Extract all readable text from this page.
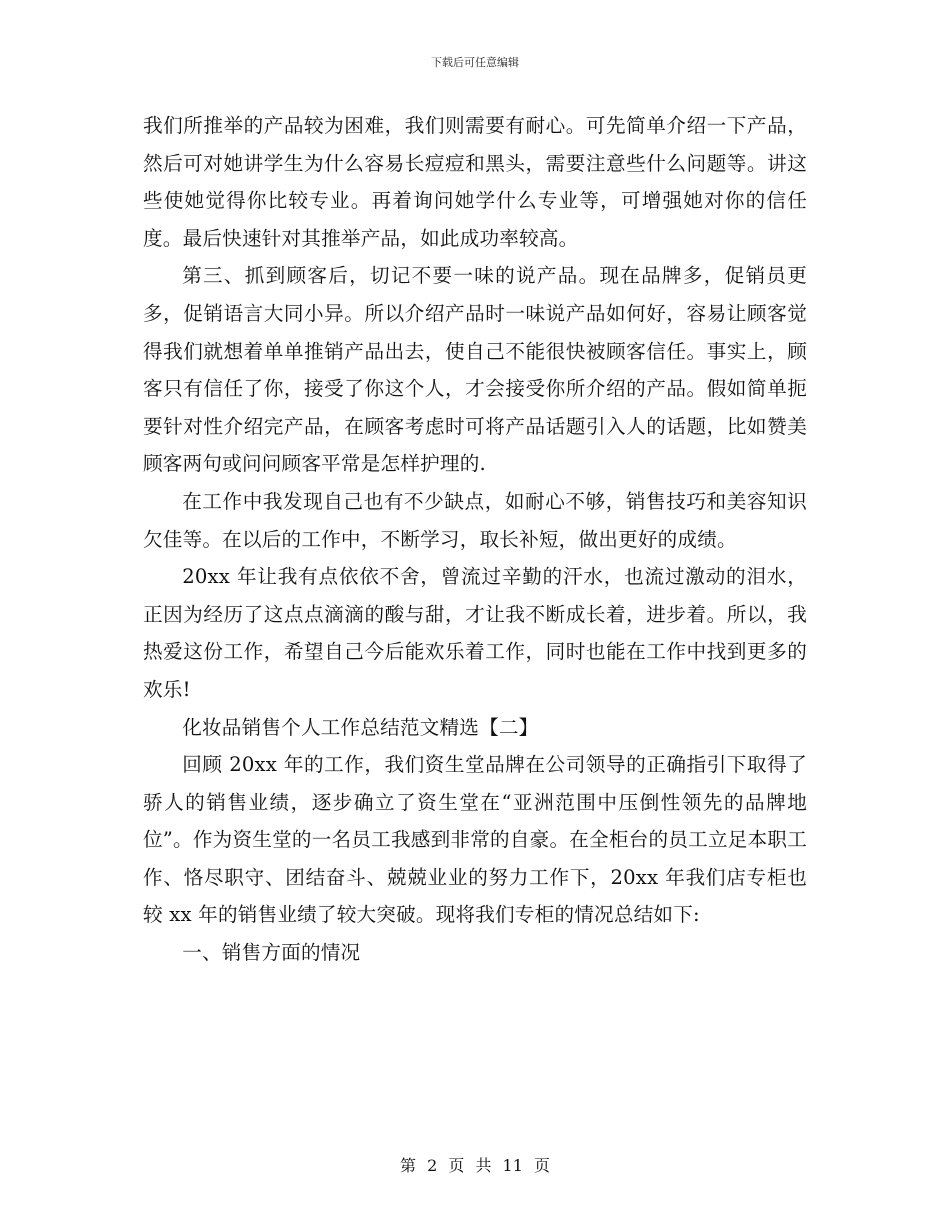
下载后可任意编辑

我们所推举的产品较为困难，我们则需要有耐心。可先简单介绍一下产品，然后可对她讲学生为什么容易长痘痘和黑头，需要注意些什么问题等。讲这些使她觉得你比较专业。再着询问她学什么专业等，可增强她对你的信任度。最后快速针对其推举产品，如此成功率较高。

第三、抓到顾客后，切记不要一味的说产品。现在品牌多，促销员更多，促销语言大同小异。所以介绍产品时一味说产品如何好，容易让顾客觉得我们就想着单单推销产品出去，使自己不能很快被顾客信任。事实上，顾客只有信任了你，接受了你这个人，才会接受你所介绍的产品。假如简单扼要针对性介绍完产品，在顾客考虑时可将产品话题引入人的话题，比如赞美顾客两句或问问顾客平常是怎样护理的.

在工作中我发现自己也有不少缺点，如耐心不够，销售技巧和美容知识欠佳等。在以后的工作中，不断学习，取长补短，做出更好的成绩。

20xx 年让我有点依依不舍，曾流过辛勤的汗水，也流过激动的泪水，正因为经历了这点点滴滴的酸与甜，才让我不断成长着，进步着。所以，我热爱这份工作，希望自己今后能欢乐着工作，同时也能在工作中找到更多的欢乐!

化妆品销售个人工作总结范文精选【二】

回顾 20xx 年的工作，我们资生堂品牌在公司领导的正确指引下取得了骄人的销售业绩，逐步确立了资生堂在“亚洲范围中压倒性领先的品牌地位”。作为资生堂的一名员工我感到非常的自豪。在全柜台的员工立足本职工作、恪尽职守、团结奋斗、兢兢业业的努力工作下，20xx 年我们店专柜也较 xx 年的销售业绩了较大突破。现将我们专柜的情况总结如下:

一、销售方面的情况

第 2 页 共 11 页
